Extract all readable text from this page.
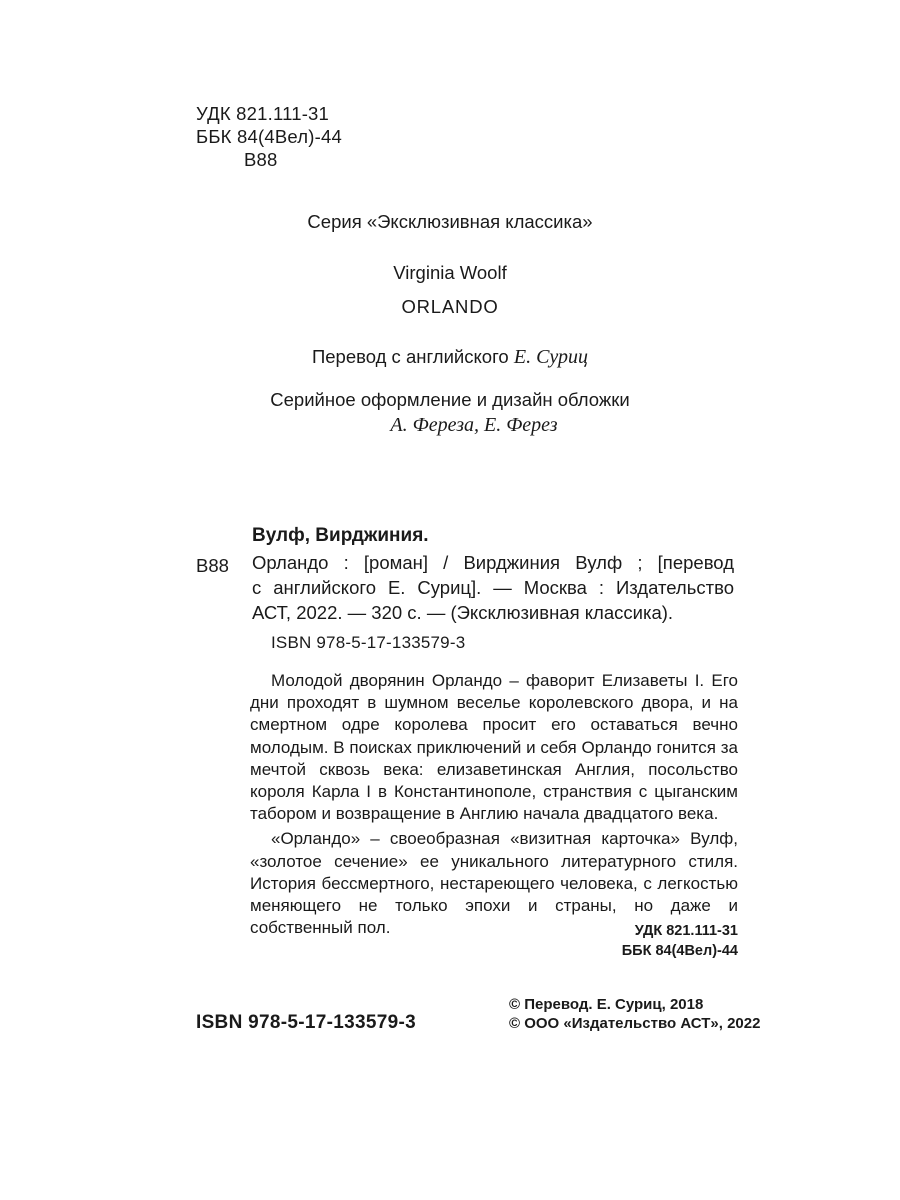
УДК 821.111-31
ББК 84(4Вел)-44
В88
Серия «Эксклюзивная классика»
Virginia Woolf
ORLANDO
Перевод с английского Е. Суриц
Серийное оформление и дизайн обложки
А. Фереза, Е. Ферез
Вулф, Вирджиния.
В88 Орландо : [роман] / Вирджиния Вулф ; [перевод
с английского Е. Суриц]. — Москва : Издательство
АСТ, 2022. — 320 с. — (Эксклюзивная классика).
ISBN 978-5-17-133579-3

Молодой дворянин Орландо – фаворит Елизаветы I. Его дни проходят в шумном веселье королевского двора, и на смертном одре королева просит его оставаться вечно молодым. В поисках приключений и себя Орландо гонится за мечтой сквозь века: елизаветинская Англия, посольство короля Карла I в Константинополе, странствия с цыганским табором и возвращение в Англию начала двадцатого века.

«Орландо» – своеобразная «визитная карточка» Вулф, «золотое сечение» ее уникального литературного стиля. История бессмертного, нестареющего человека, с легкостью меняющего не только эпохи и страны, но даже и собственный пол.	УДК 821.111-31
ББК 84(4Вел)-44
ISBN 978-5-17-133579-3
© Перевод. Е. Суриц, 2018
© ООО «Издательство АСТ», 2022
